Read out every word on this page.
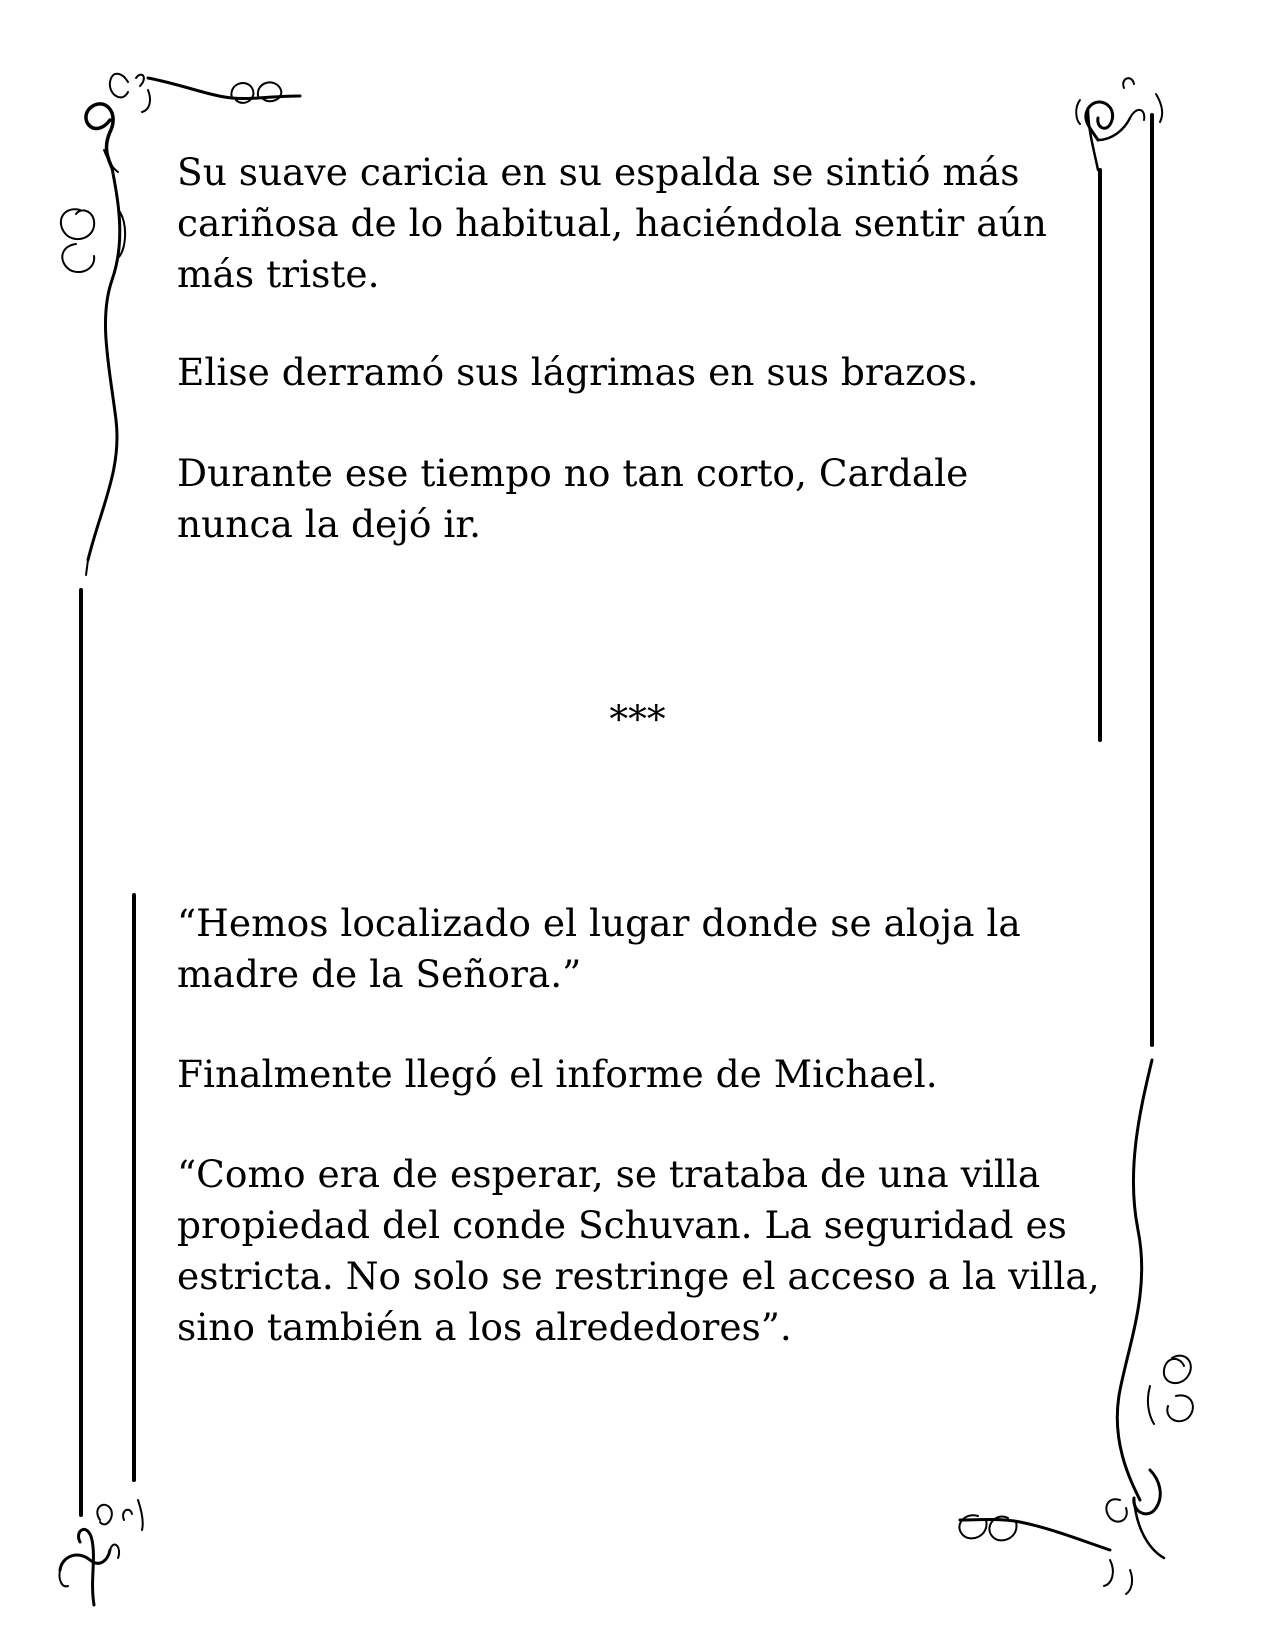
Su suave caricia en su espalda se sintió más
cariñosa de lo habitual, haciéndola sentir aún
más triste.

Elise derramó sus lágrimas en sus brazos.

Durante ese tiempo no tan corto, Cardale
nunca la dejó ir.

***

“Hemos localizado el lugar donde se aloja la
madre de la Señora.”

Finalmente llegó el informe de Michael.

“Como era de esperar, se trataba de una villa
propiedad del conde Schuvan. La seguridad es
estricta. No solo se restringe el acceso a la villa,
sino también a los alrededores”.
